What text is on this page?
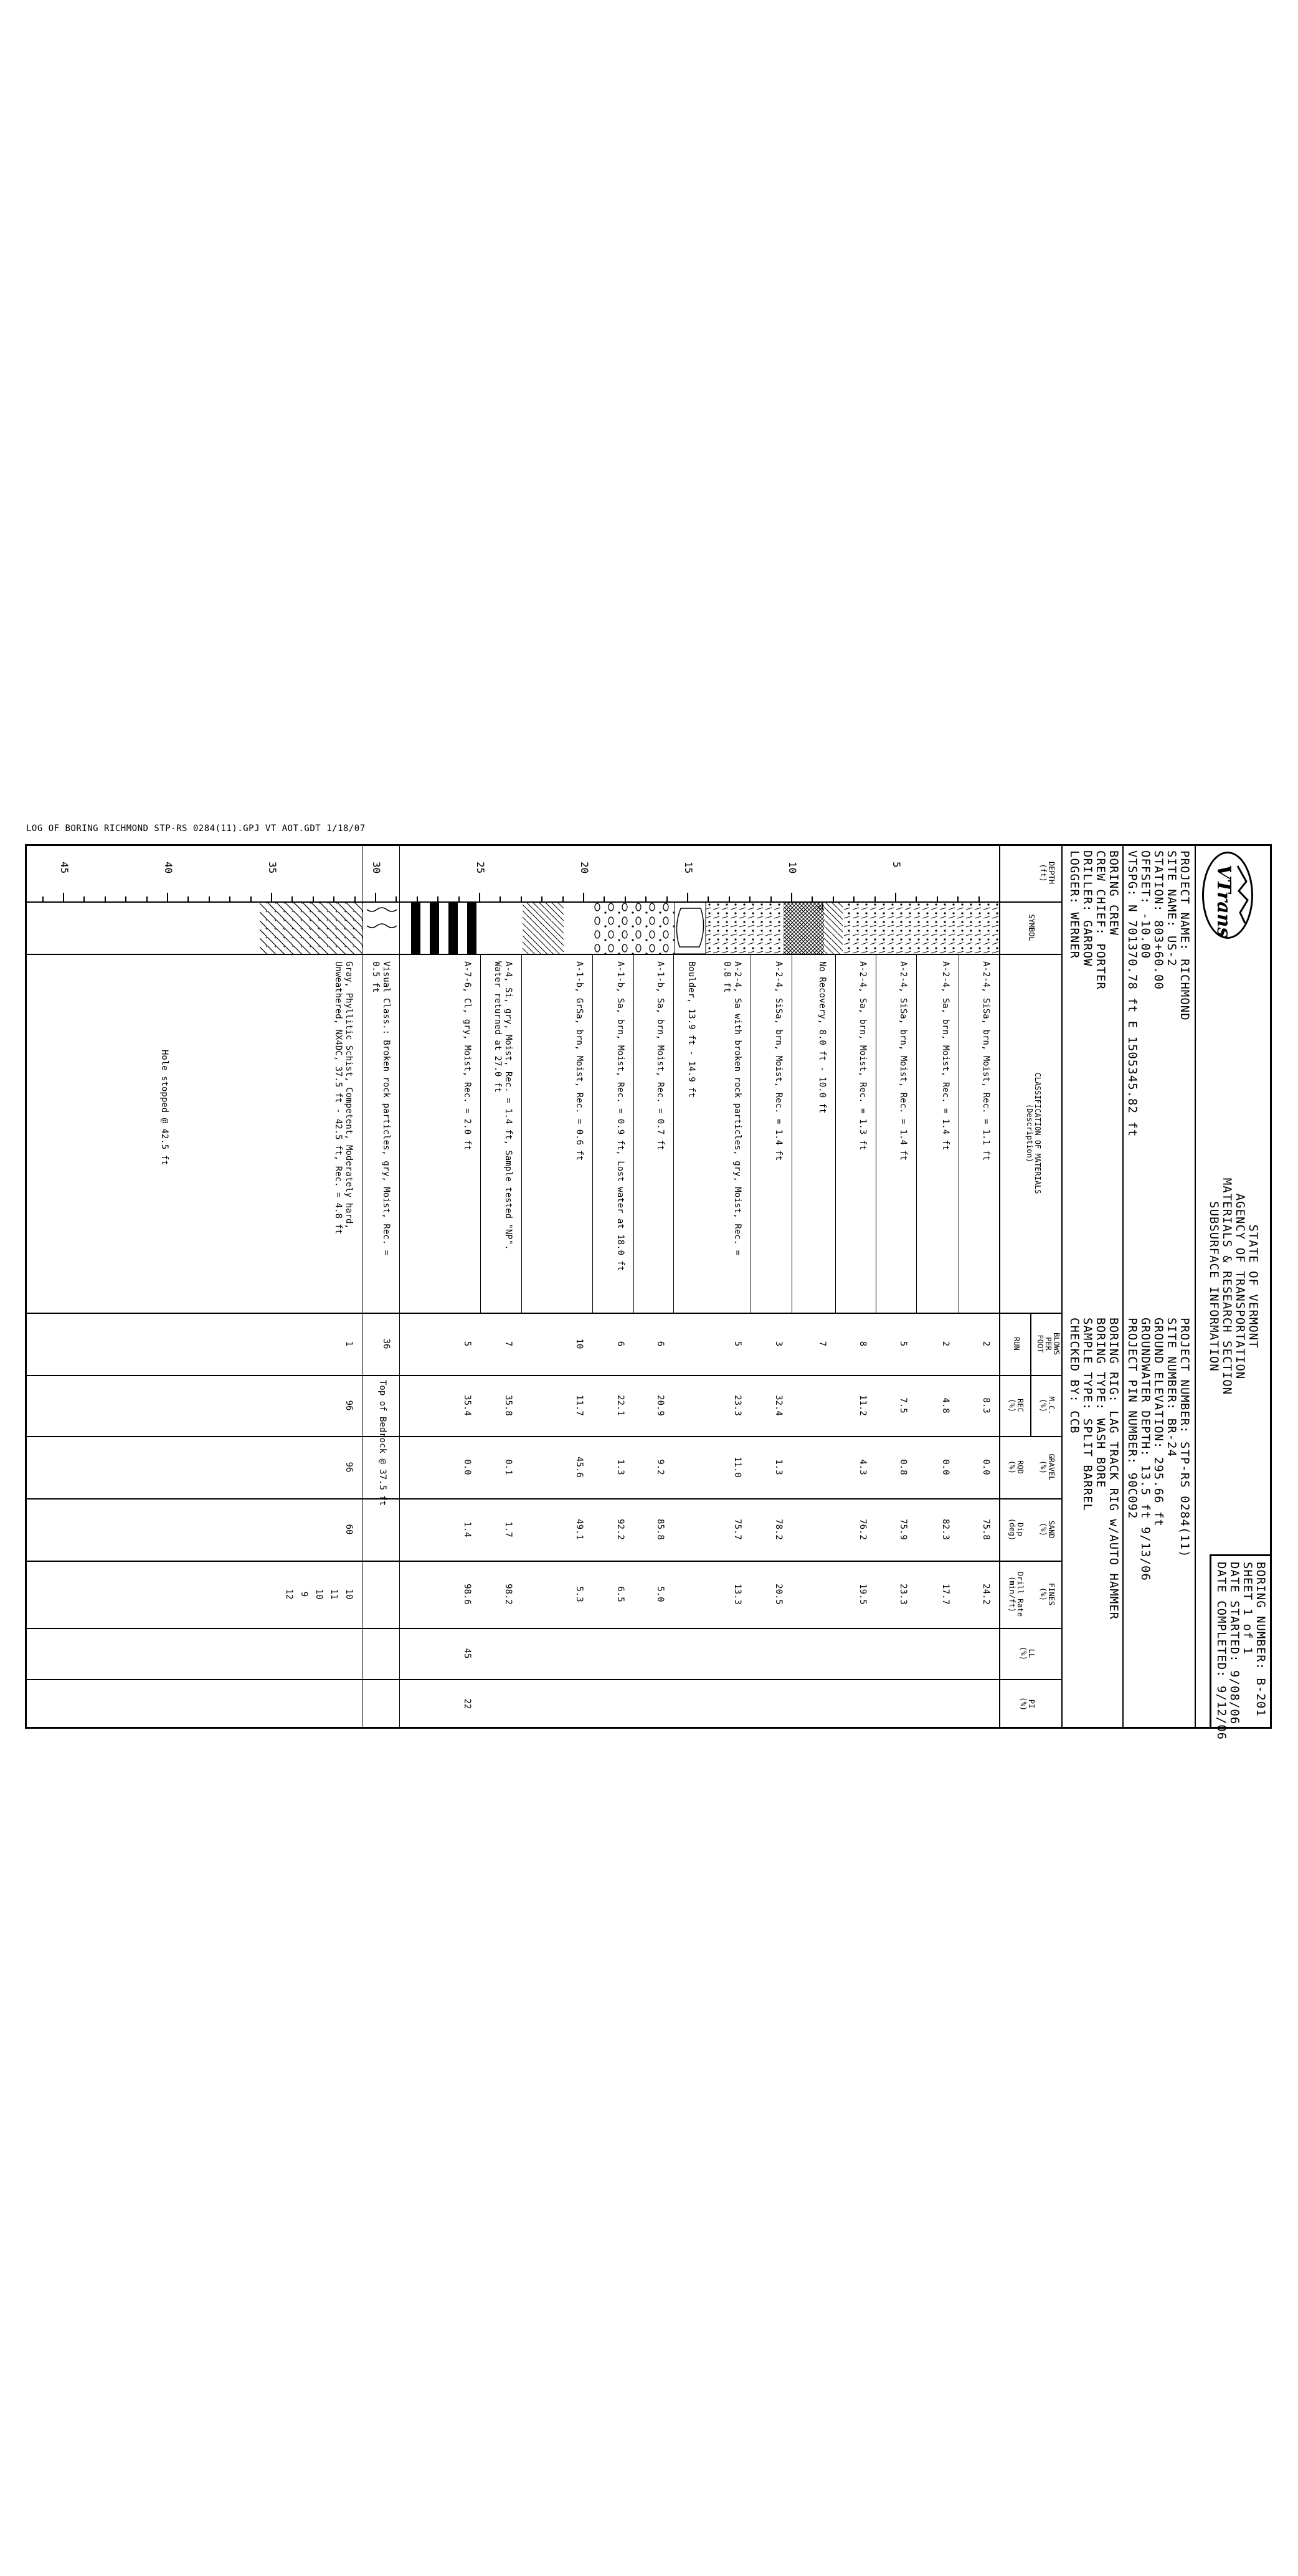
LOG OF BORING RICHMOND STP-RS 0284(11).GPJ VT AOT.GDT 1/18/07
VTrans
STATE OF VERMONT
AGENCY OF TRANSPORTATION
MATERIALS & RESEARCH SECTION
SUBSURFACE INFORMATION
BORING NUMBER: B-201
SHEET 1 of 1
DATE STARTED: 9/08/06
DATE COMPLETED: 9/12/06
PROJECT NAME: RICHMOND
SITE NAME: US-2
STATION: 803+60.00
OFFSET: -10.00
VTSPG: N 701370.78 ft E 1505345.82 ft
PROJECT NUMBER: STP-RS 0284(11)
SITE NUMBER: BR-24
GROUND ELEVATION: 295.66 ft
GROUNDWATER DEPTH: 13.5 ft 9/13/06
PROJECT PIN NUMBER: 90C092
BORING CREW
CREW CHIEF: PORTER
DRILLER: GARROW
LOGGER: WERNER
BORING RIG: LAG TRACK RIG w/AUTO HAMMER
BORING TYPE: WASH BORE
SAMPLE TYPE: SPLIT BARREL
CHECKED BY: CCB
DEPTH
(ft)
SYMBOL
CLASSIFICATION OF MATERIALS
(Description)
BLOWS
PER
FOOT
RUN
M.C.
(%)
REC
(%)
GRAVEL
(%)
RQD
(%)
SAND
(%)
Dip
(deg)
FINES
(%)
Drill Rate
(min/ft)
LL
(%)
PI
(%)
Top of Bedrock @ 37.5 ft
Hole stopped @ 42.5 ft
5
10
15
20
25
30
35
40
45
A-2-4, SiSa, brn, Moist, Rec. = 1.1 ft
2
8.3
0.0
75.8
24.2
A-2-4, Sa, brn, Moist, Rec. = 1.4 ft
2
4.8
0.0
82.3
17.7
A-2-4, SiSa, brn, Moist, Rec. = 1.4 ft
5
7.5
0.8
75.9
23.3
A-2-4, Sa, brn, Moist, Rec. = 1.3 ft
8
11.2
4.3
76.2
19.5
No Recovery, 8.0 ft - 10.0 ft
7
A-2-4, SiSa, brn, Moist, Rec. = 1.4 ft
3
32.4
1.3
78.2
20.5
A-2-4, Sa with broken rock particles, gry, Moist, Rec. =
0.8 ft
5
23.3
11.0
75.7
13.3
Boulder, 13.9 ft - 14.9 ft
A-1-b, Sa, brn, Moist, Rec. = 0.7 ft
6
20.9
9.2
85.8
5.0
A-1-b, Sa, brn, Moist, Rec. = 0.9 ft, Lost water at 18.0 ft
6
22.1
1.3
92.2
6.5
A-1-b, GrSa, brn, Moist, Rec. = 0.6 ft
10
11.7
45.6
49.1
5.3
A-4, Si, gry, Moist, Rec. = 1.4 ft, Sample tested "NP".
Water returned at 27.0 ft
7
35.8
0.1
1.7
98.2
A-7-6, Cl, gry, Moist, Rec. = 2.0 ft
5
35.4
0.0
1.4
98.6
45
22
Visual Class.: Broken rock particles, gry, Moist, Rec. =
0.5 ft
36
Gray, Phyllitic Schist, Competent, Moderately hard,
Unweathered, NX4DC, 37.5 ft - 42.5 ft, Rec. = 4.8 ft
1
96
96
60
10
11
10
9
12
